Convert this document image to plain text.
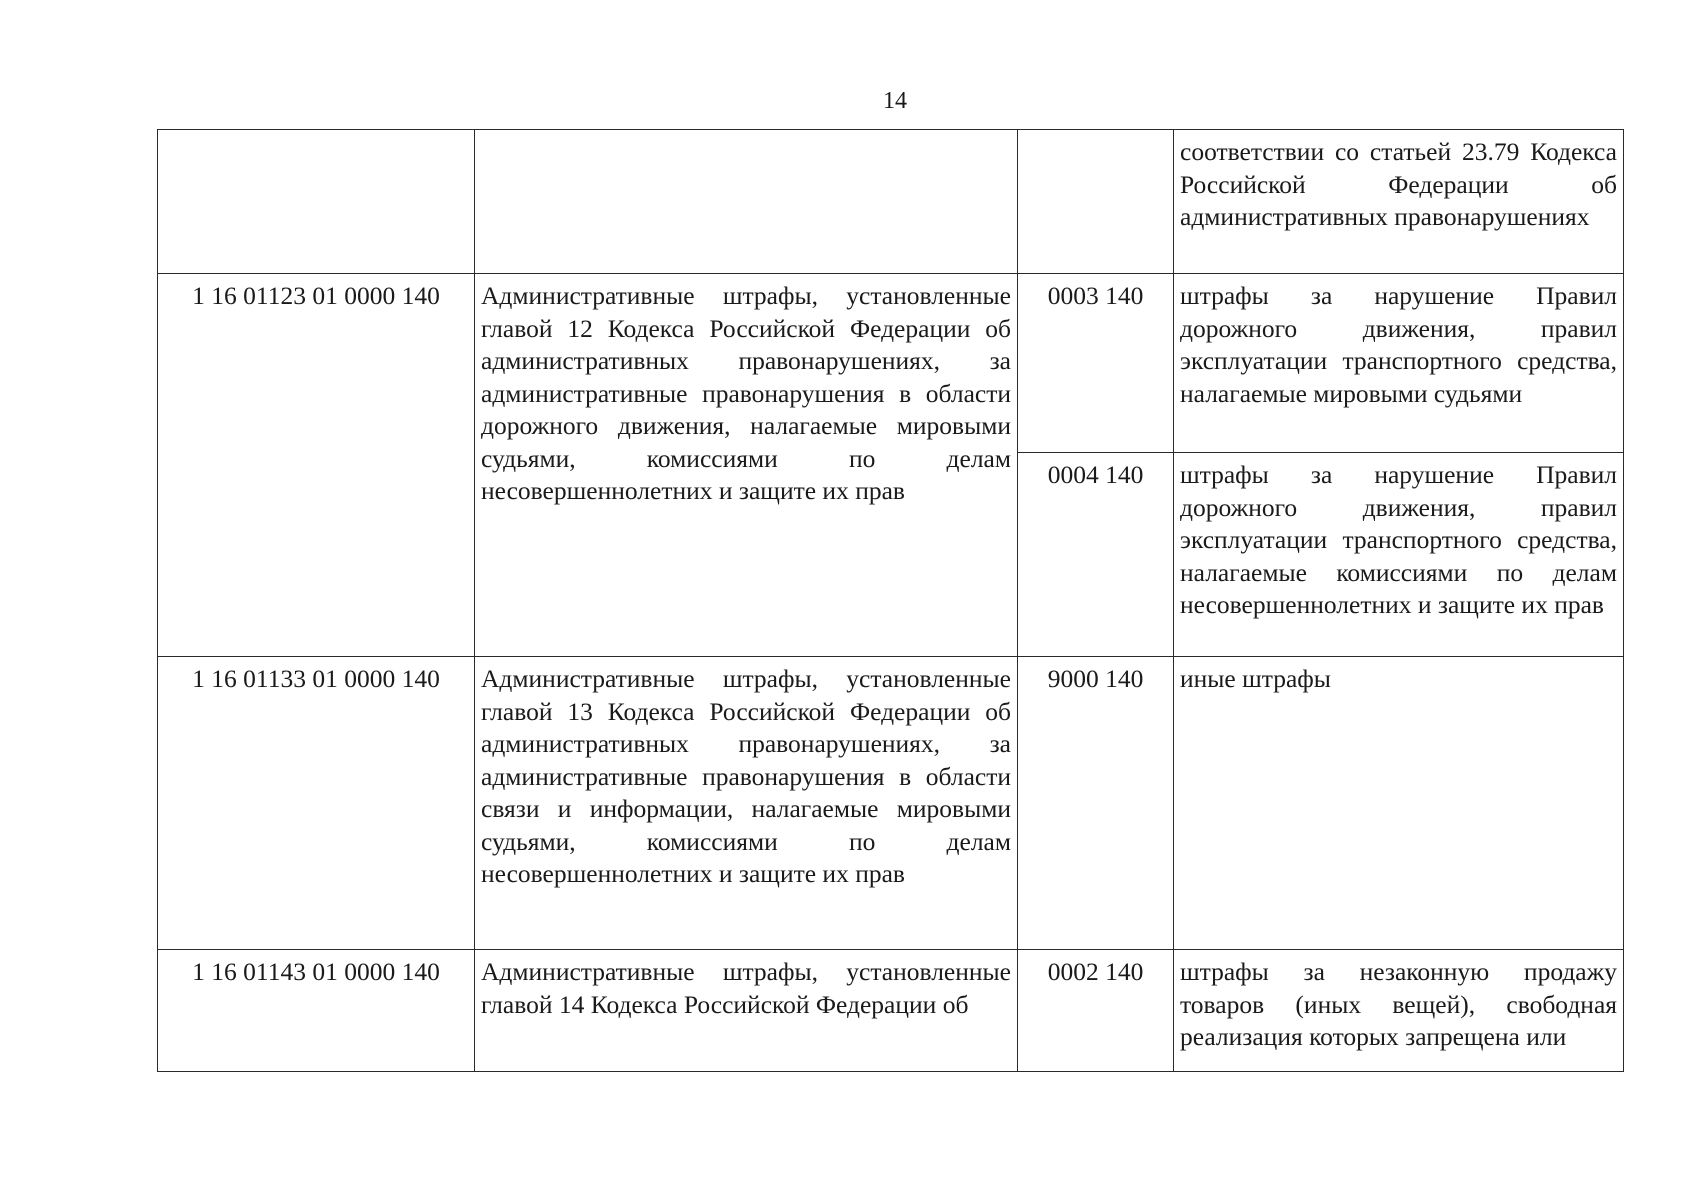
14
			соответствии со статьей 23.79 Кодекса Российской Федерации об административных правонарушениях
1 16 01123 01 0000 140	Административные штрафы, установленные главой 12 Кодекса Российской Федерации об административных правонарушениях, за административные правонарушения в области дорожного движения, налагаемые мировыми судьями, комиссиями по делам несовершеннолетних и защите их прав	0003 140	штрафы за нарушение Правил дорожного движения, правил эксплуатации транспортного средства, налагаемые мировыми судьями
		0004 140	штрафы за нарушение Правил дорожного движения, правил эксплуатации транспортного средства, налагаемые комиссиями по делам несовершеннолетних и защите их прав
1 16 01133 01 0000 140	Административные штрафы, установленные главой 13 Кодекса Российской Федерации об административных правонарушениях, за административные правонарушения в области связи и информации, налагаемые мировыми судьями, комиссиями по делам несовершеннолетних и защите их прав	9000 140	иные штрафы
1 16 01143 01 0000 140	Административные штрафы, установленные главой 14 Кодекса Российской Федерации об	0002 140	штрафы за незаконную продажу товаров (иных вещей), свободная реализация которых запрещена или
